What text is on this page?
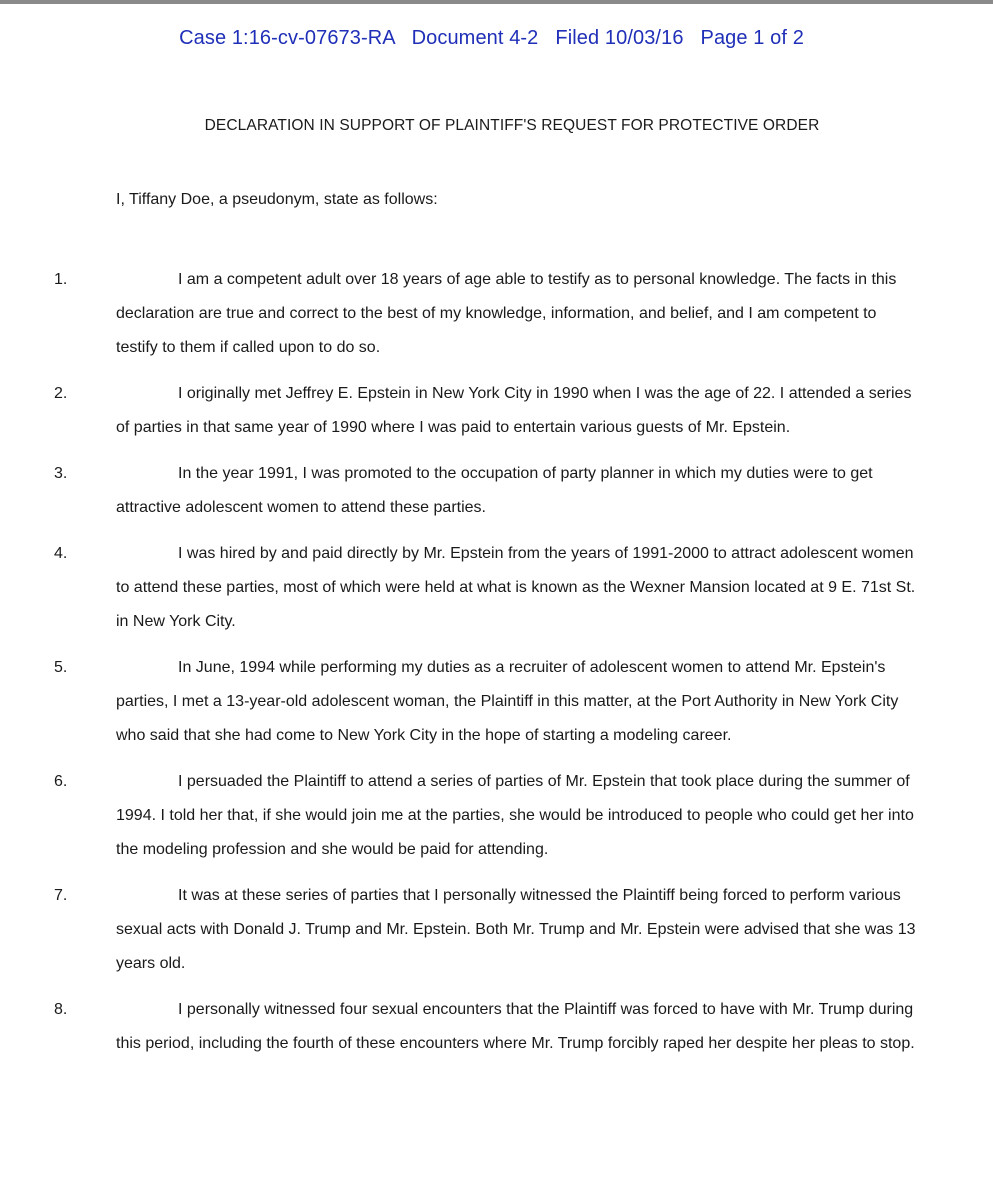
Case 1:16-cv-07673-RA   Document 4-2   Filed 10/03/16   Page 1 of 2
DECLARATION IN SUPPORT OF PLAINTIFF'S REQUEST FOR PROTECTIVE ORDER
I, Tiffany Doe, a pseudonym, state as follows:

1.	I am a competent adult over 18 years of age able to testify as to personal knowledge. The facts in this declaration are true and correct to the best of my knowledge, information, and belief, and I am competent to testify to them if called upon to do so.

2.	I originally met Jeffrey E. Epstein in New York City in 1990 when I was the age of 22. I attended a series of parties in that same year of 1990 where I was paid to entertain various guests of Mr. Epstein.

3.	In the year 1991, I was promoted to the occupation of party planner in which my duties were to get attractive adolescent women to attend these parties.

4.	I was hired by and paid directly by Mr. Epstein from the years of 1991-2000 to attract adolescent women to attend these parties, most of which were held at what is known as the Wexner Mansion located at 9 E. 71st St. in New York City.

5.	In June, 1994 while performing my duties as a recruiter of adolescent women to attend Mr. Epstein's parties, I met a 13-year-old adolescent woman, the Plaintiff in this matter, at the Port Authority in New York City who said that she had come to New York City in the hope of starting a modeling career.

6.	I persuaded the Plaintiff to attend a series of parties of Mr. Epstein that took place during the summer of 1994. I told her that, if she would join me at the parties, she would be introduced to people who could get her into the modeling profession and she would be paid for attending.

7.	It was at these series of parties that I personally witnessed the Plaintiff being forced to perform various sexual acts with Donald J. Trump and Mr. Epstein. Both Mr. Trump and Mr. Epstein were advised that she was 13 years old.

8.	I personally witnessed four sexual encounters that the Plaintiff was forced to have with Mr. Trump during this period, including the fourth of these encounters where Mr. Trump forcibly raped her despite her pleas to stop.
